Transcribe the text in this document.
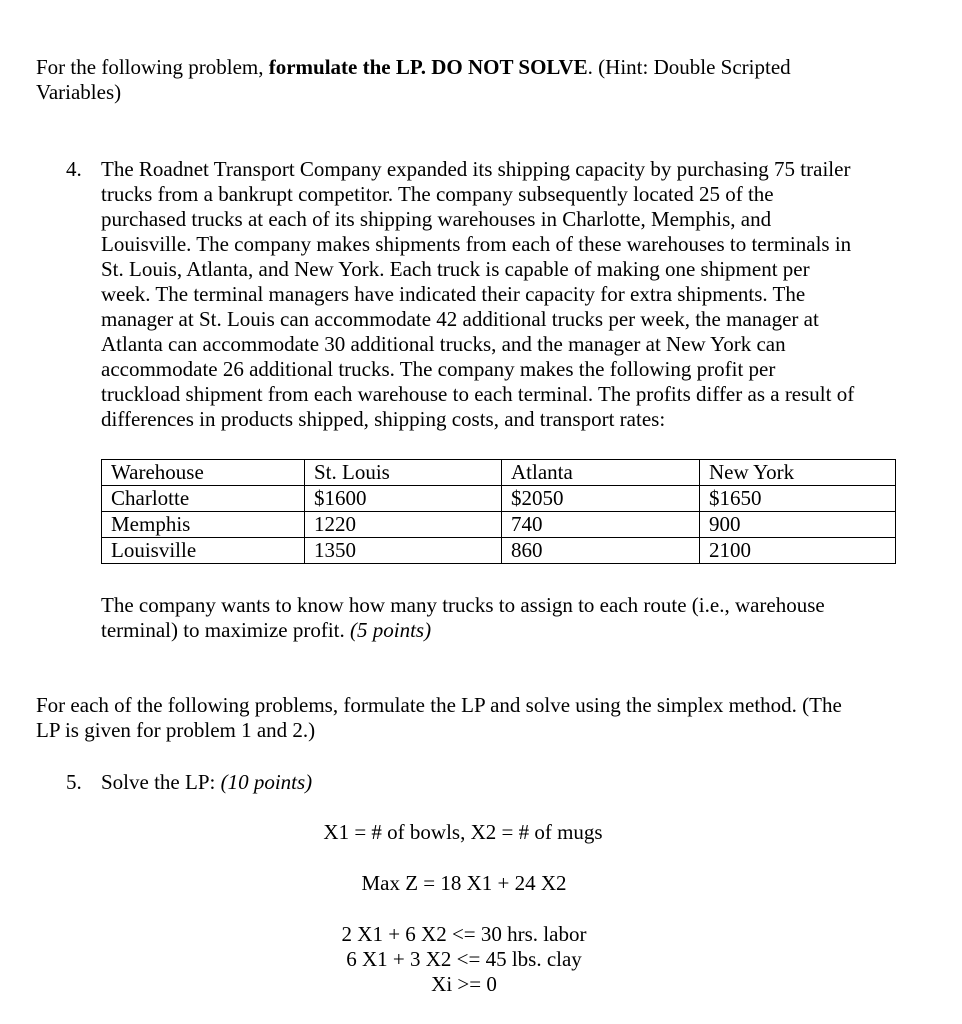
For the following problem, formulate the LP. DO NOT SOLVE. (Hint: Double Scripted
Variables)
4. The Roadnet Transport Company expanded its shipping capacity by purchasing 75 trailer
trucks from a bankrupt competitor. The company subsequently located 25 of the
purchased trucks at each of its shipping warehouses in Charlotte, Memphis, and
Louisville. The company makes shipments from each of these warehouses to terminals in
St. Louis, Atlanta, and New York. Each truck is capable of making one shipment per
week. The terminal managers have indicated their capacity for extra shipments. The
manager at St. Louis can accommodate 42 additional trucks per week, the manager at
Atlanta can accommodate 30 additional trucks, and the manager at New York can
accommodate 26 additional trucks. The company makes the following profit per
truckload shipment from each warehouse to each terminal. The profits differ as a result of
differences in products shipped, shipping costs, and transport rates:
Warehouse	St. Louis	Atlanta	New York
Charlotte	$1600	$2050	$1650
Memphis	1220	740	900
Louisville	1350	860	2100
The company wants to know how many trucks to assign to each route (i.e., warehouse
terminal) to maximize profit. (5 points)
For each of the following problems, formulate the LP and solve using the simplex method. (The
LP is given for problem 1 and 2.)
5. Solve the LP: (10 points)
X1 = # of bowls, X2 = # of mugs
Max Z = 18 X1 + 24 X2
2 X1 + 6 X2 <= 30 hrs. labor
6 X1 + 3 X2 <= 45 lbs. clay
Xi >= 0
